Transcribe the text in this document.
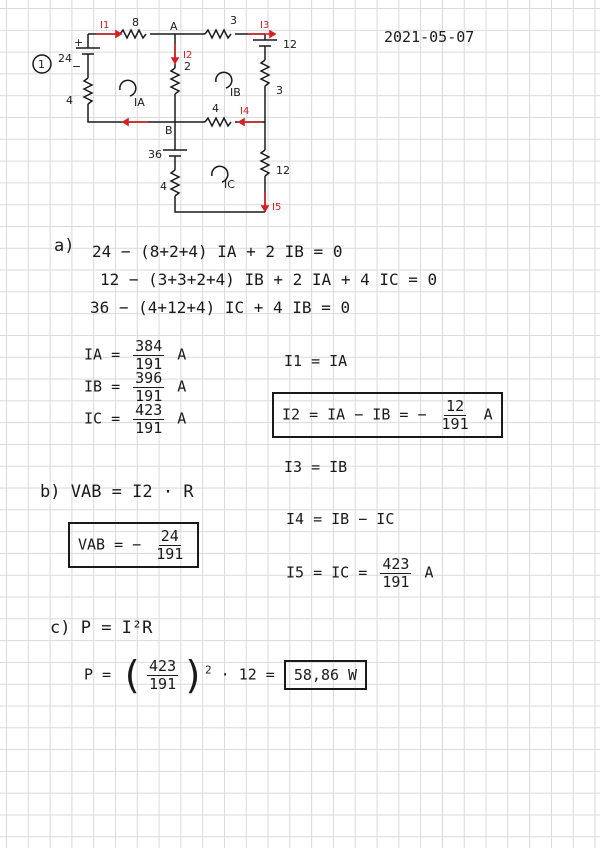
1 24
+
−
12
36
8	3
2
3
4
4
12
4
A
B
IA
IB
IC
I1
I2
I3
I4
I5
2021-05-07
a) 24 − (8+2+4) IA + 2 IB = 0
12 − (3+3+2+4) IB + 2 IA + 4 IC = 0
36 − (4+12+4) IC + 4 IB = 0
IA = $\frac{384}{191}$ A
IB = $\frac{396}{191}$ A
IC = $\frac{423}{191}$ A
I1 = IA
I2 = IA − IB = − $\frac{12}{191}$ A
I3 = IB
I4 = IB − IC
I5 = IC = $\frac{423}{191}$ A
b) VAB = I2 · R
VAB = − $\frac{24}{191}$
c) P = I²R
P = ( $\frac{423}{191} )^2 \cdot 12 = 58,86$ W
